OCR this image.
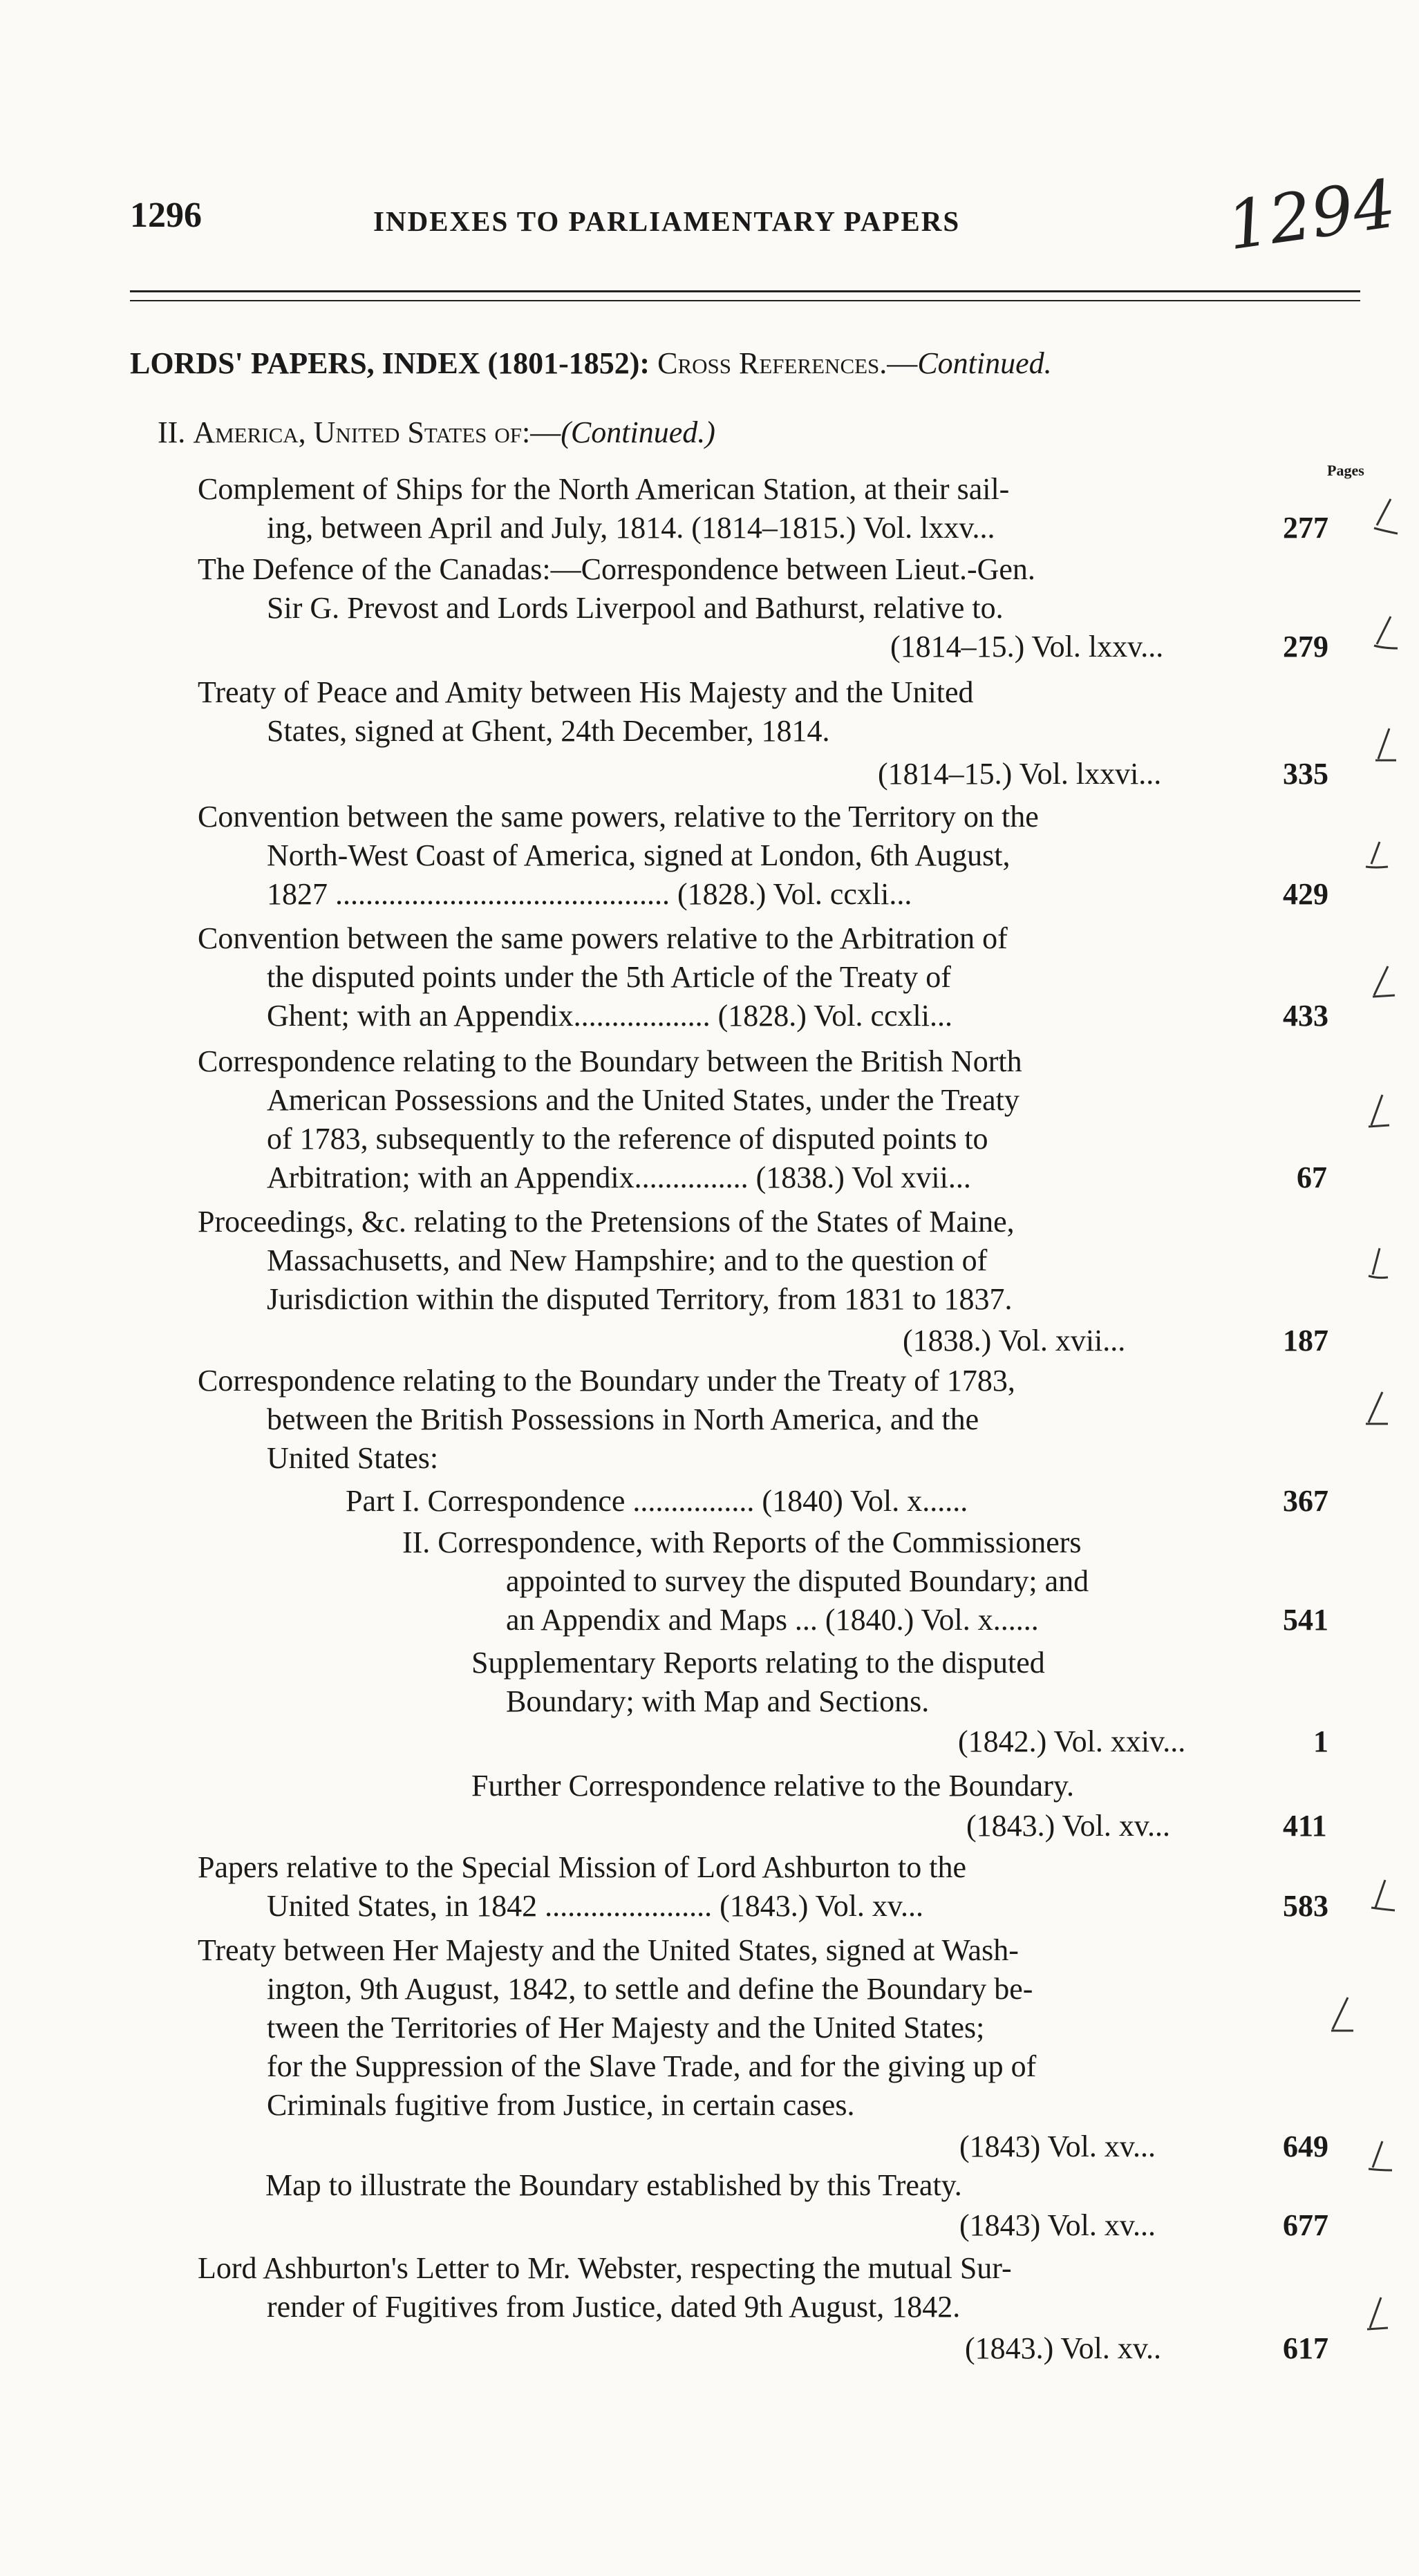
1296	INDEXES TO PARLIAMENTARY PAPERS	1294
LORDS' PAPERS, INDEX (1801-1852): Cross References.—Continued.
II. America, United States of:—(Continued.)
Pages
Complement of Ships for the North American Station, at their sail-
ing, between April and July, 1814. (1814–1815.) Vol. lxxv...	277
The Defence of the Canadas:—Correspondence between Lieut.-Gen.
Sir G. Prevost and Lords Liverpool and Bathurst, relative to.
(1814–15.) Vol. lxxv...	279
Treaty of Peace and Amity between His Majesty and the United
States, signed at Ghent, 24th December, 1814.
(1814–15.) Vol. lxxvi...	335
Convention between the same powers, relative to the Territory on the
North-West Coast of America, signed at London, 6th August,
1827 ............................................ (1828.) Vol. ccxli...	429
Convention between the same powers relative to the Arbitration of
the disputed points under the 5th Article of the Treaty of
Ghent; with an Appendix.................. (1828.) Vol. ccxli...	433
Correspondence relating to the Boundary between the British North
American Possessions and the United States, under the Treaty
of 1783, subsequently to the reference of disputed points to
Arbitration; with an Appendix............... (1838.) Vol xvii...	67
Proceedings, &c. relating to the Pretensions of the States of Maine,
Massachusetts, and New Hampshire; and to the question of
Jurisdiction within the disputed Territory, from 1831 to 1837.
(1838.) Vol. xvii...	187
Correspondence relating to the Boundary under the Treaty of 1783,
between the British Possessions in North America, and the
United States:
Part I. Correspondence ................ (1840) Vol. x......	367
II. Correspondence, with Reports of the Commissioners
appointed to survey the disputed Boundary; and
an Appendix and Maps ... (1840.) Vol. x......	541
Supplementary Reports relating to the disputed
Boundary; with Map and Sections.
(1842.) Vol. xxiv...	1
Further Correspondence relative to the Boundary.
(1843.) Vol. xv...	411
Papers relative to the Special Mission of Lord Ashburton to the
United States, in 1842 ...................... (1843.) Vol. xv...	583
Treaty between Her Majesty and the United States, signed at Wash-
ington, 9th August, 1842, to settle and define the Boundary be-
tween the Territories of Her Majesty and the United States;
for the Suppression of the Slave Trade, and for the giving up of
Criminals fugitive from Justice, in certain cases.
(1843) Vol. xv...	649
Map to illustrate the Boundary established by this Treaty.
(1843) Vol. xv...	677
Lord Ashburton's Letter to Mr. Webster, respecting the mutual Sur-
render of Fugitives from Justice, dated 9th August, 1842.
(1843.) Vol. xv..	617
